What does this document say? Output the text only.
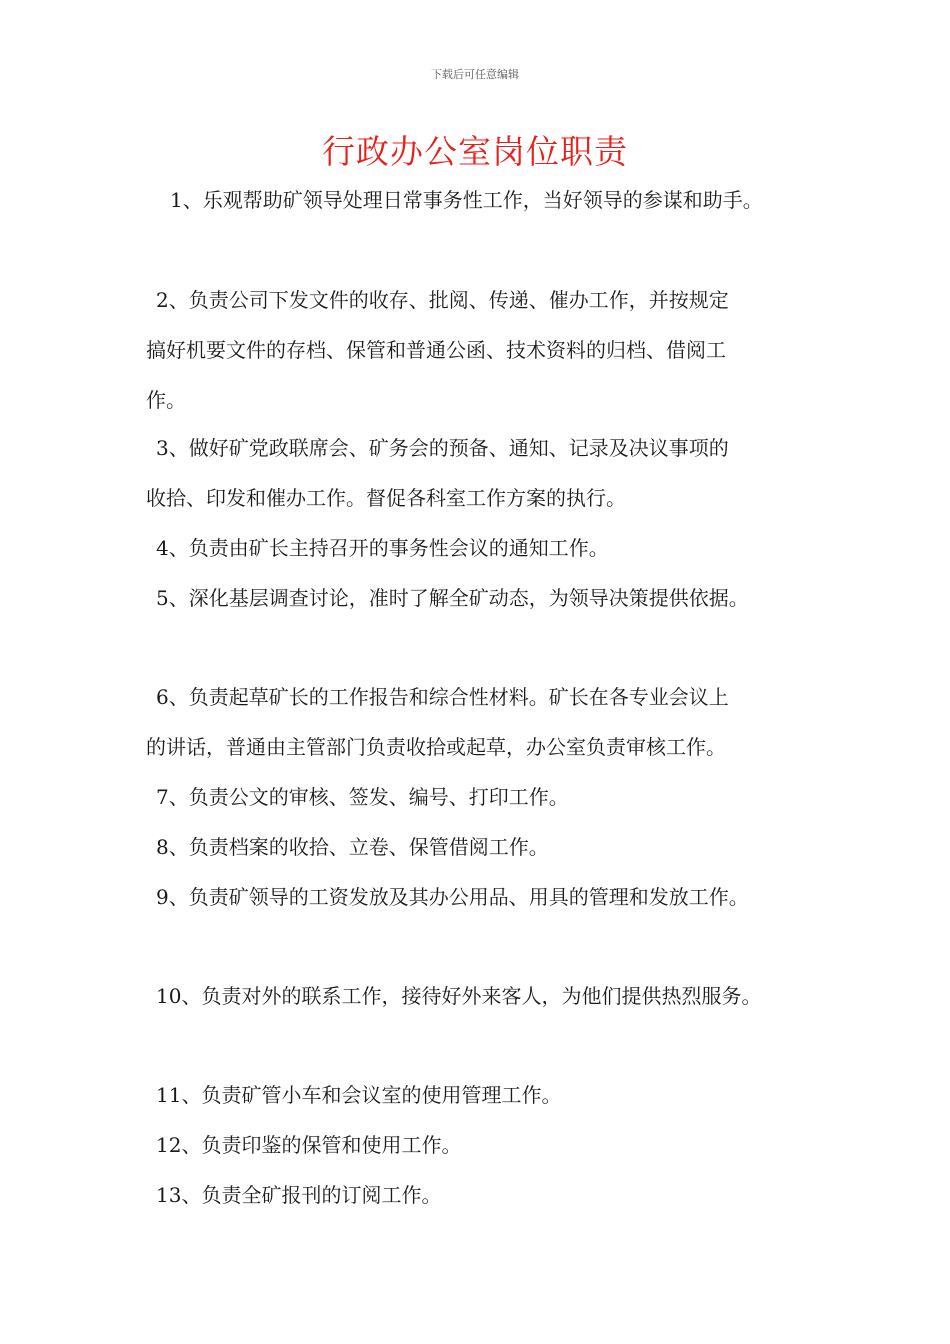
下载后可任意编辑
行政办公室岗位职责
1、乐观帮助矿领导处理日常事务性工作，当好领导的参谋和助手。
2、负责公司下发文件的收存、批阅、传递、催办工作，并按规定
搞好机要文件的存档、保管和普通公函、技术资料的归档、借阅工
作。
3、做好矿党政联席会、矿务会的预备、通知、记录及决议事项的
收拾、印发和催办工作。督促各科室工作方案的执行。
4、负责由矿长主持召开的事务性会议的通知工作。
5、深化基层调查讨论，准时了解全矿动态，为领导决策提供依据。
6、负责起草矿长的工作报告和综合性材料。矿长在各专业会议上
的讲话，普通由主管部门负责收拾或起草，办公室负责审核工作。
7、负责公文的审核、签发、编号、打印工作。
8、负责档案的收拾、立卷、保管借阅工作。
9、负责矿领导的工资发放及其办公用品、用具的管理和发放工作。
10、负责对外的联系工作，接待好外来客人，为他们提供热烈服务。
11、负责矿管小车和会议室的使用管理工作。
12、负责印鉴的保管和使用工作。
13、负责全矿报刊的订阅工作。
